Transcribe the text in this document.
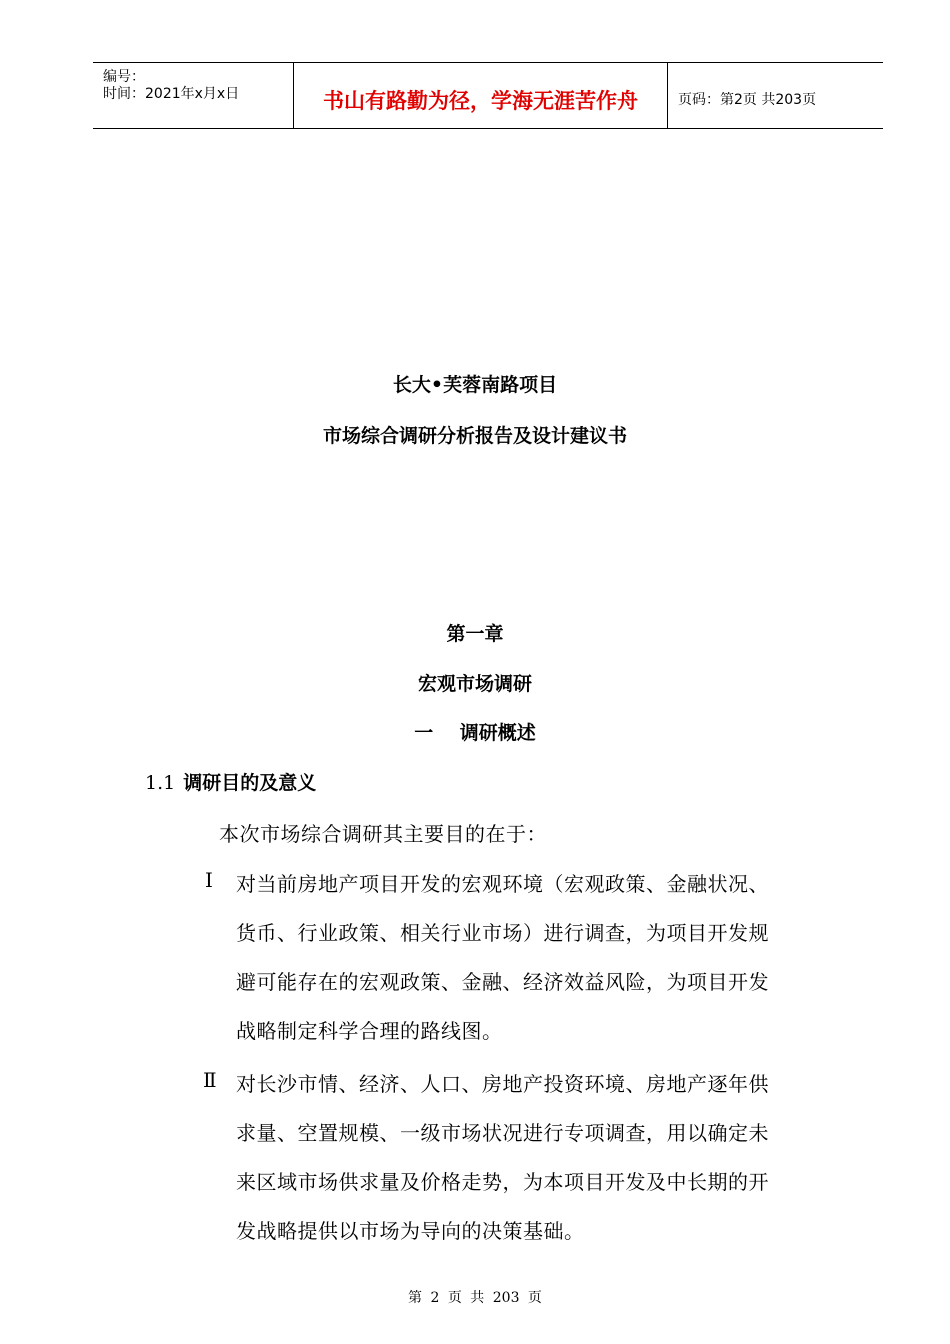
编号：
时间：2021年x月x日	书山有路勤为径，学海无涯苦作舟	页码：第2页 共203页
长大•芙蓉南路项目
市场综合调研分析报告及设计建议书
第一章
宏观市场调研
一    调研概述
1.1 调研目的及意义
本次市场综合调研其主要目的在于：
Ⅰ 对当前房地产项目开发的宏观环境（宏观政策、金融状况、
货币、行业政策、相关行业市场）进行调查，为项目开发规
避可能存在的宏观政策、金融、经济效益风险，为项目开发
战略制定科学合理的路线图。
Ⅱ 对长沙市情、经济、人口、房地产投资环境、房地产逐年供
求量、空置规模、一级市场状况进行专项调查，用以确定未
来区域市场供求量及价格走势，为本项目开发及中长期的开
发战略提供以市场为导向的决策基础。
第 2 页 共 203 页
